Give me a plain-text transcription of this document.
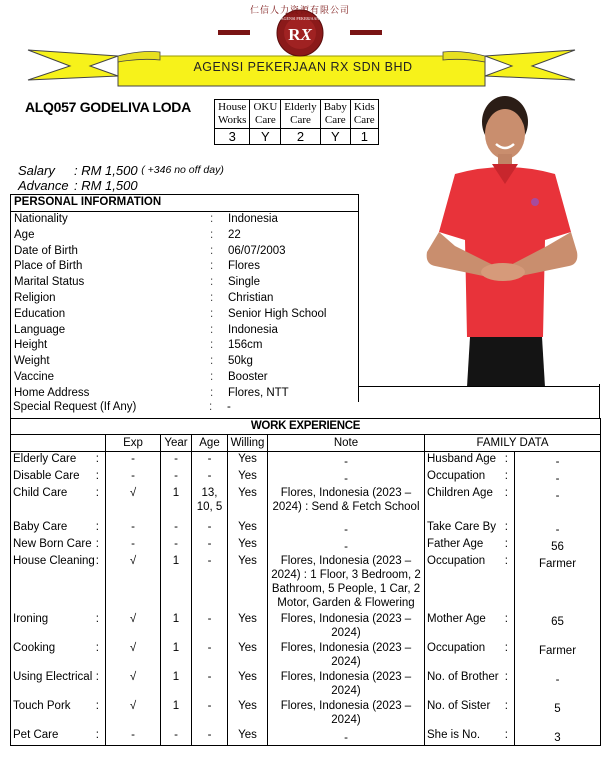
RX
AGENSI PEKERJAAN
仁信人力資源有限公司
AGENSI PEKERJAAN RX SDN BHD
ALQ057 GODELIVA LODA House	OKU	Elderly	Baby	Kids
Works	Care	Care	Care	Care
3	Y	2	Y	1
Salary	: RM 1,500
( +346 no off day)
Advance : RM 1,500
PERSONAL INFORMATION
Nationality	:	Indonesia
Age	:	22
Date of Birth	:	06/07/2003
Place of Birth	:	Flores
Marital Status	:	Single
Religion	:	Christian
Education	:	Senior High School
Language	:	Indonesia
Height	:	156cm
Weight	:	50kg
Vaccine	:	Booster
Home Address	:	Flores, NTT
Special Request (If Any)	:	-
WORK EXPERIENCE							
	Exp	Year	Age	Willing	Note	FAMILY DATA	
Elderly Care :	-	-	-	Yes	-	Husband Age :	-
Disable Care :	-	-	-	Yes	-	Occupation :	-
Child Care :	√	1	13, 10, 5	Yes	Flores, Indonesia (2023 – 2024) : Send & Fetch School	Children Age :	-
Baby Care :	-	-	-	Yes	-	Take Care By :	-
New Born Care :	-	-	-	Yes	-	Father Age :	56
House Cleaning :	√	1	-	Yes	Flores, Indonesia (2023 – 2024) : 1 Floor, 3 Bedroom, 2 Bathroom, 5 People, 1 Car, 2 Motor, Garden & Flowering	Occupation :	Farmer
Ironing :	√	1	-	Yes	Flores, Indonesia (2023 – 2024)	Mother Age :	65
Cooking :	√	1	-	Yes	Flores, Indonesia (2023 – 2024)	Occupation :	Farmer
Using Electrical :	√	1	-	Yes	Flores, Indonesia (2023 – 2024)	No. of Brother :	-
Touch Pork :	√	1	-	Yes	Flores, Indonesia (2023 – 2024)	No. of Sister :	5
Pet Care :	-	-	-	Yes	-	She is No. :	3
